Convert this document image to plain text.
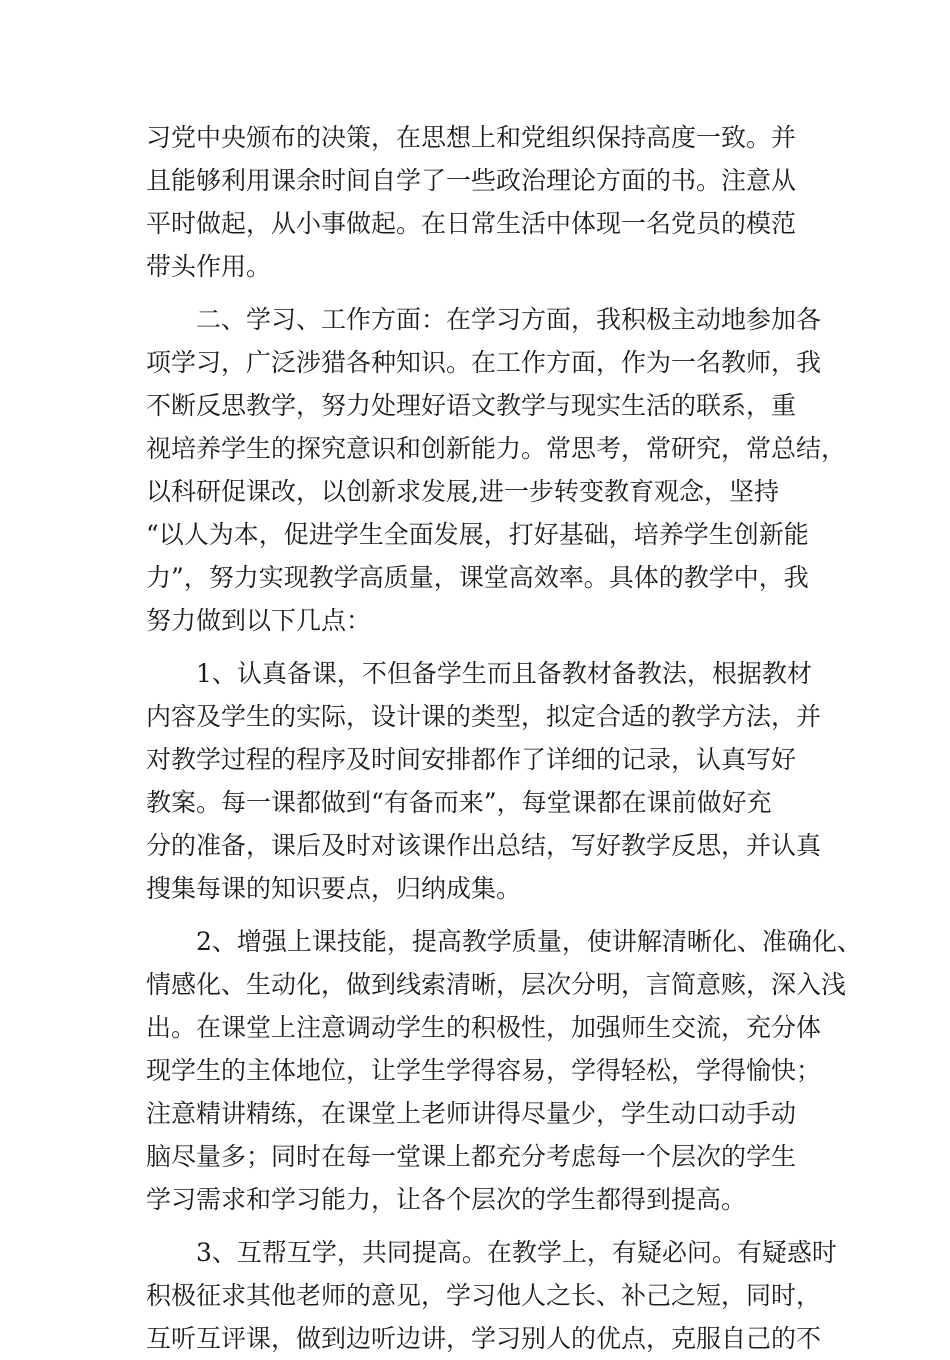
习党中央颁布的决策，在思想上和党组织保持高度一致。并
且能够利用课余时间自学了一些政治理论方面的书。注意从
平时做起，从小事做起。在日常生活中体现一名党员的模范
带头作用。
二、学习、工作方面：在学习方面，我积极主动地参加各
项学习，广泛涉猎各种知识。在工作方面，作为一名教师，我
不断反思教学，努力处理好语文教学与现实生活的联系，重
视培养学生的探究意识和创新能力。常思考，常研究，常总结，
以科研促课改，以创新求发展,进一步转变教育观念，坚持
“以人为本，促进学生全面发展，打好基础，培养学生创新能
力”，努力实现教学高质量，课堂高效率。具体的教学中，我
努力做到以下几点：
1、认真备课，不但备学生而且备教材备教法，根据教材
内容及学生的实际，设计课的类型，拟定合适的教学方法，并
对教学过程的程序及时间安排都作了详细的记录，认真写好
教案。每一课都做到“有备而来”，每堂课都在课前做好充
分的准备，课后及时对该课作出总结，写好教学反思，并认真
搜集每课的知识要点，归纳成集。
2、增强上课技能，提高教学质量，使讲解清晰化、准确化、
情感化、生动化，做到线索清晰，层次分明，言简意赅，深入浅
出。在课堂上注意调动学生的积极性，加强师生交流，充分体
现学生的主体地位，让学生学得容易，学得轻松，学得愉快；
注意精讲精练，在课堂上老师讲得尽量少，学生动口动手动
脑尽量多；同时在每一堂课上都充分考虑每一个层次的学生
学习需求和学习能力，让各个层次的学生都得到提高。
3、互帮互学，共同提高。在教学上，有疑必问。有疑惑时
积极征求其他老师的意见，学习他人之长、补己之短，同时，
互听互评课，做到边听边讲，学习别人的优点，克服自己的不
